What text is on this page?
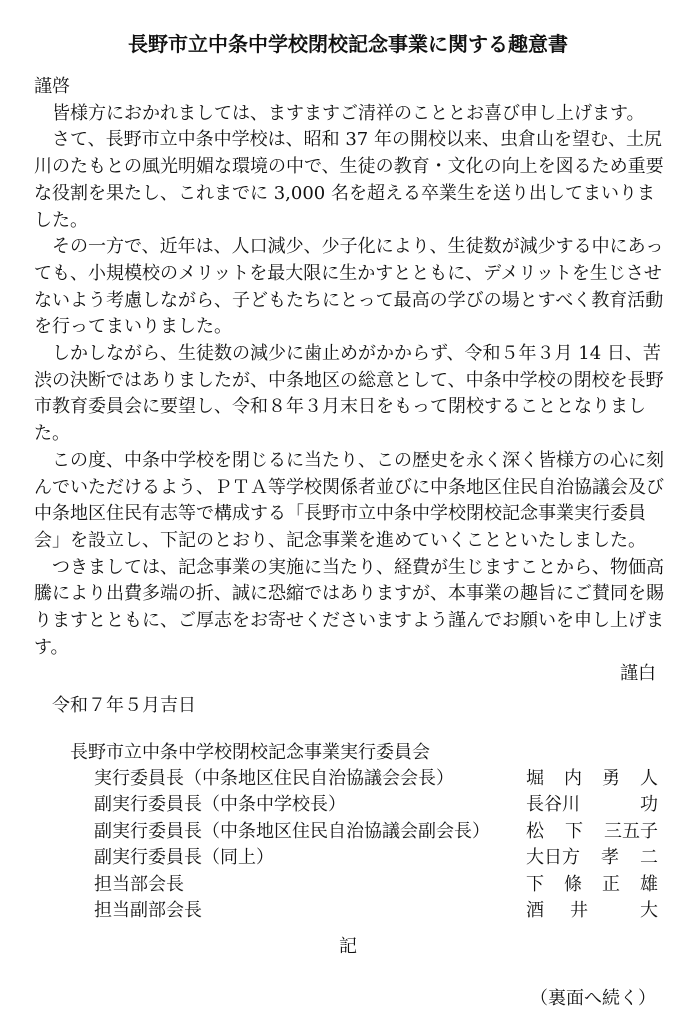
長野市立中条中学校閉校記念事業に関する趣意書

謹啓

皆様方におかれましては、ますますご清祥のこととお喜び申し上げます。

さて、長野市立中条中学校は、昭和 37 年の開校以来、虫倉山を望む、土尻川のたもとの風光明媚な環境の中で、生徒の教育・文化の向上を図るため重要な役割を果たし、これまでに 3,000 名を超える卒業生を送り出してまいりました。

その一方で、近年は、人口減少、少子化により、生徒数が減少する中にあっても、小規模校のメリットを最大限に生かすとともに、デメリットを生じさせないよう考慮しながら、子どもたちにとって最高の学びの場とすべく教育活動を行ってまいりました。

しかしながら、生徒数の減少に歯止めがかからず、令和５年３月 14 日、苦渋の決断ではありましたが、中条地区の総意として、中条中学校の閉校を長野市教育委員会に要望し、令和８年３月末日をもって閉校することとなりました。

この度、中条中学校を閉じるに当たり、この歴史を永く深く皆様方の心に刻んでいただけるよう、ＰＴＡ等学校関係者並びに中条地区住民自治協議会及び中条地区住民有志等で構成する「長野市立中条中学校閉校記念事業実行委員会」を設立し、下記のとおり、記念事業を進めていくことといたしました。

つきましては、記念事業の実施に当たり、経費が生じますことから、物価高騰により出費多端の折、誠に恐縮ではありますが、本事業の趣旨にご賛同を賜りますとともに、ご厚志をお寄せくださいますよう謹んでお願いを申し上げます。

謹白

令和７年５月吉日
長野市立中条中学校閉校記念事業実行委員会
実行委員長（中条地区住民自治協議会会長）	堀 内 勇 人
副実行委員長（中条中学校長）	長谷川	功
副実行委員長（中条地区住民自治協議会副会長） 松 下 三五子
副実行委員長（同上）	大日方 孝 二
担当部会長	下 條 正 雄
担当副部会長	酒 井	大
記
（裏面へ続く）
